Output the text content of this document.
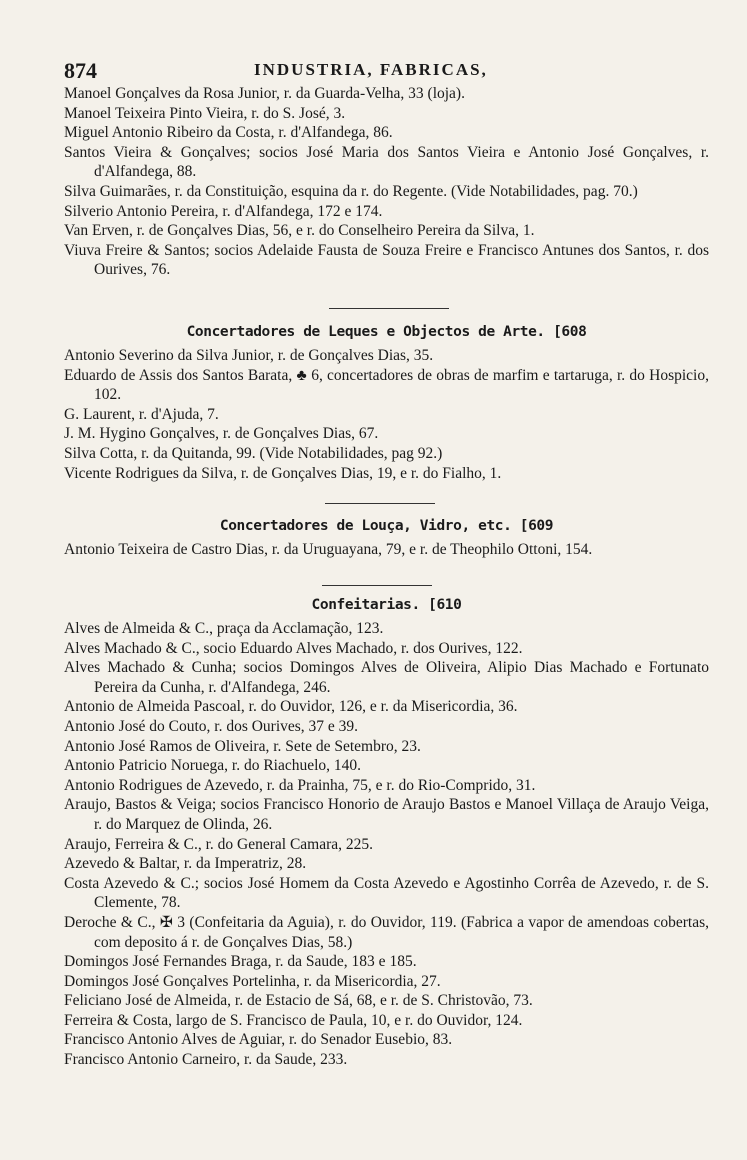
874	INDUSTRIA, FABRICAS,
Manoel Gonçalves da Rosa Junior, r. da Guarda-Velha, 33 (loja).
Manoel Teixeira Pinto Vieira, r. do S. José, 3.
Miguel Antonio Ribeiro da Costa, r. d'Alfandega, 86.
Santos Vieira & Gonçalves; socios José Maria dos Santos Vieira e Antonio José Gonçalves, r. d'Alfandega, 88.
Silva Guimarães, r. da Constituição, esquina da r. do Regente. (Vide Notabilidades, pag. 70.)
Silverio Antonio Pereira, r. d'Alfandega, 172 e 174.
Van Erven, r. de Gonçalves Dias, 56, e r. do Conselheiro Pereira da Silva, 1.
Viuva Freire & Santos; socios Adelaide Fausta de Souza Freire e Francisco Antunes dos Santos, r. dos Ourives, 76.
Concertadores de Leques e Objectos de Arte. [608
Antonio Severino da Silva Junior, r. de Gonçalves Dias, 35.
Eduardo de Assis dos Santos Barata, ♣ 6, concertadores de obras de marfim e tartaruga, r. do Hospicio, 102.
G. Laurent, r. d'Ajuda, 7.
J. M. Hygino Gonçalves, r. de Gonçalves Dias, 67.
Silva Cotta, r. da Quitanda, 99. (Vide Notabilidades, pag 92.)
Vicente Rodrigues da Silva, r. de Gonçalves Dias, 19, e r. do Fialho, 1.
Concertadores de Louça, Vidro, etc. [609
Antonio Teixeira de Castro Dias, r. da Uruguayana, 79, e r. de Theophilo Ottoni, 154.
Confeitarias. [610
Alves de Almeida & C., praça da Acclamação, 123.
Alves Machado & C., socio Eduardo Alves Machado, r. dos Ourives, 122.
Alves Machado & Cunha; socios Domingos Alves de Oliveira, Alipio Dias Machado e Fortunato Pereira da Cunha, r. d'Alfandega, 246.
Antonio de Almeida Pascoal, r. do Ouvidor, 126, e r. da Misericordia, 36.
Antonio José do Couto, r. dos Ourives, 37 e 39.
Antonio José Ramos de Oliveira, r. Sete de Setembro, 23.
Antonio Patricio Noruega, r. do Riachuelo, 140.
Antonio Rodrigues de Azevedo, r. da Prainha, 75, e r. do Rio-Comprido, 31.
Araujo, Bastos & Veiga; socios Francisco Honorio de Araujo Bastos e Manoel Villaça de Araujo Veiga, r. do Marquez de Olinda, 26.
Araujo, Ferreira & C., r. do General Camara, 225.
Azevedo & Baltar, r. da Imperatriz, 28.
Costa Azevedo & C.; socios José Homem da Costa Azevedo e Agostinho Corrêa de Azevedo, r. de S. Clemente, 78.
Deroche & C., ✠ 3 (Confeitaria da Aguia), r. do Ouvidor, 119. (Fabrica a vapor de amendoas cobertas, com deposito á r. de Gonçalves Dias, 58.)
Domingos José Fernandes Braga, r. da Saude, 183 e 185.
Domingos José Gonçalves Portelinha, r. da Misericordia, 27.
Feliciano José de Almeida, r. de Estacio de Sá, 68, e r. de S. Christovão, 73.
Ferreira & Costa, largo de S. Francisco de Paula, 10, e r. do Ouvidor, 124.
Francisco Antonio Alves de Aguiar, r. do Senador Eusebio, 83.
Francisco Antonio Carneiro, r. da Saude, 233.
